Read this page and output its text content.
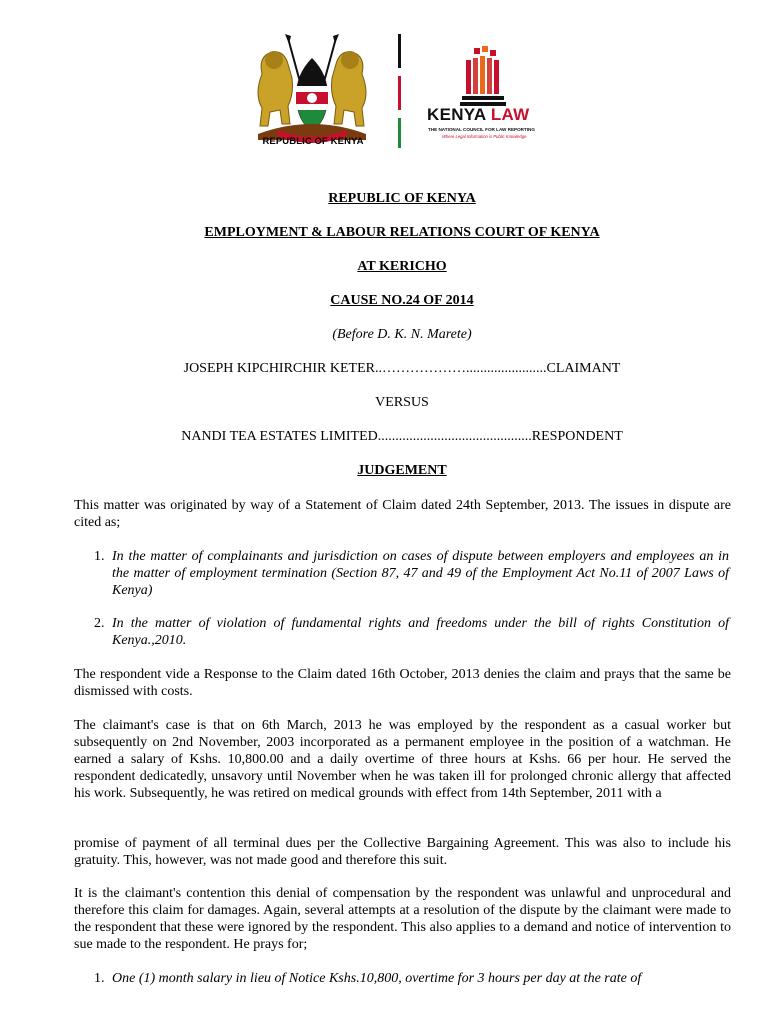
REPUBLIC OF KENYA
KENYA LAW
THE NATIONAL COUNCIL FOR LAW REPORTING
Where Legal Information is Public Knowledge
REPUBLIC OF KENYA
EMPLOYMENT & LABOUR RELATIONS COURT OF KENYA
AT KERICHO
CAUSE NO.24 OF 2014
(Before D. K. N. Marete)
JOSEPH KIPCHIRCHIR KETER..……………….......................CLAIMANT
VERSUS
NANDI TEA ESTATES LIMITED............................................RESPONDENT
JUDGEMENT
This matter was originated by way of a Statement of Claim dated 24th September, 2013. The issues in dispute are cited as;
1. In the matter of complainants and jurisdiction on cases of dispute between employers and employees an in the matter of employment termination (Section 87, 47 and 49 of the Employment Act No.11 of 2007 Laws of Kenya)
2. In the matter of violation of fundamental rights and freedoms under the bill of rights Constitution of Kenya.,2010.
The respondent vide a Response to the Claim dated 16th October, 2013 denies the claim and prays that the same be dismissed with costs.
The claimant's case is that on 6th March, 2013 he was employed by the respondent as a casual worker but subsequently on 2nd November, 2003 incorporated as a permanent employee in the position of a watchman. He earned a salary of Kshs. 10,800.00 and a daily overtime of three hours at Kshs. 66 per hour. He served the respondent dedicatedly, unsavory until November when he was taken ill for prolonged chronic allergy that affected his work. Subsequently, he was retired on medical grounds with effect from 14th September, 2011 with a
promise of payment of all terminal dues per the Collective Bargaining Agreement. This was also to include his gratuity. This, however, was not made good and therefore this suit.
It is the claimant's contention this denial of compensation by the respondent was unlawful and unprocedural and therefore this claim for damages. Again, several attempts at a resolution of the dispute by the claimant were made to the respondent that these were ignored by the respondent. This also applies to a demand and notice of intervention to sue made to the respondent. He prays for;
1. One (1) month salary in lieu of Notice Kshs.10,800, overtime for 3 hours per day at the rate of
